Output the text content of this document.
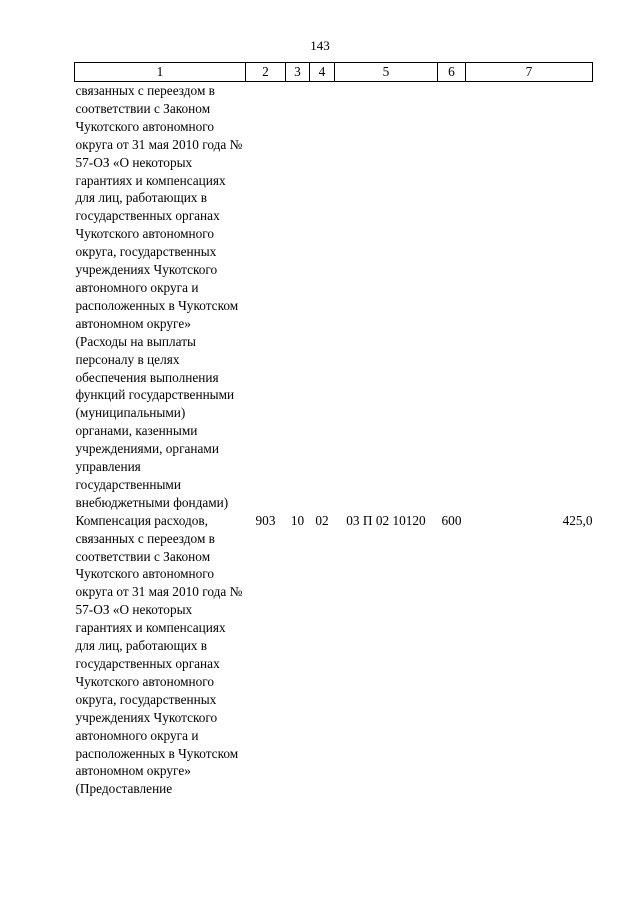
143
1	2	3	4	5	6	7
связанных с переездом в соответствии с Законом Чукотского автономного округа от 31 мая 2010 года № 57-ОЗ «О некоторых гарантиях и компенсациях для лиц, работающих в государственных органах Чукотского автономного округа, государственных учреждениях Чукотского автономного округа и расположенных в Чукотском автономном округе» (Расходы на выплаты персоналу в целях обеспечения выполнения функций государственными (муниципальными) органами, казенными учреждениями, органами управления государственными внебюджетными фондами)						
Компенсация расходов, связанных с переездом в соответствии с Законом Чукотского автономного округа от 31 мая 2010 года № 57-ОЗ «О некоторых гарантиях и компенсациях для лиц, работающих в государственных органах Чукотского автономного округа, государственных учреждениях Чукотского автономного округа и расположенных в Чукотском автономном округе» (Предоставление	903	10	02	03 П 02 10120	600	425,0
